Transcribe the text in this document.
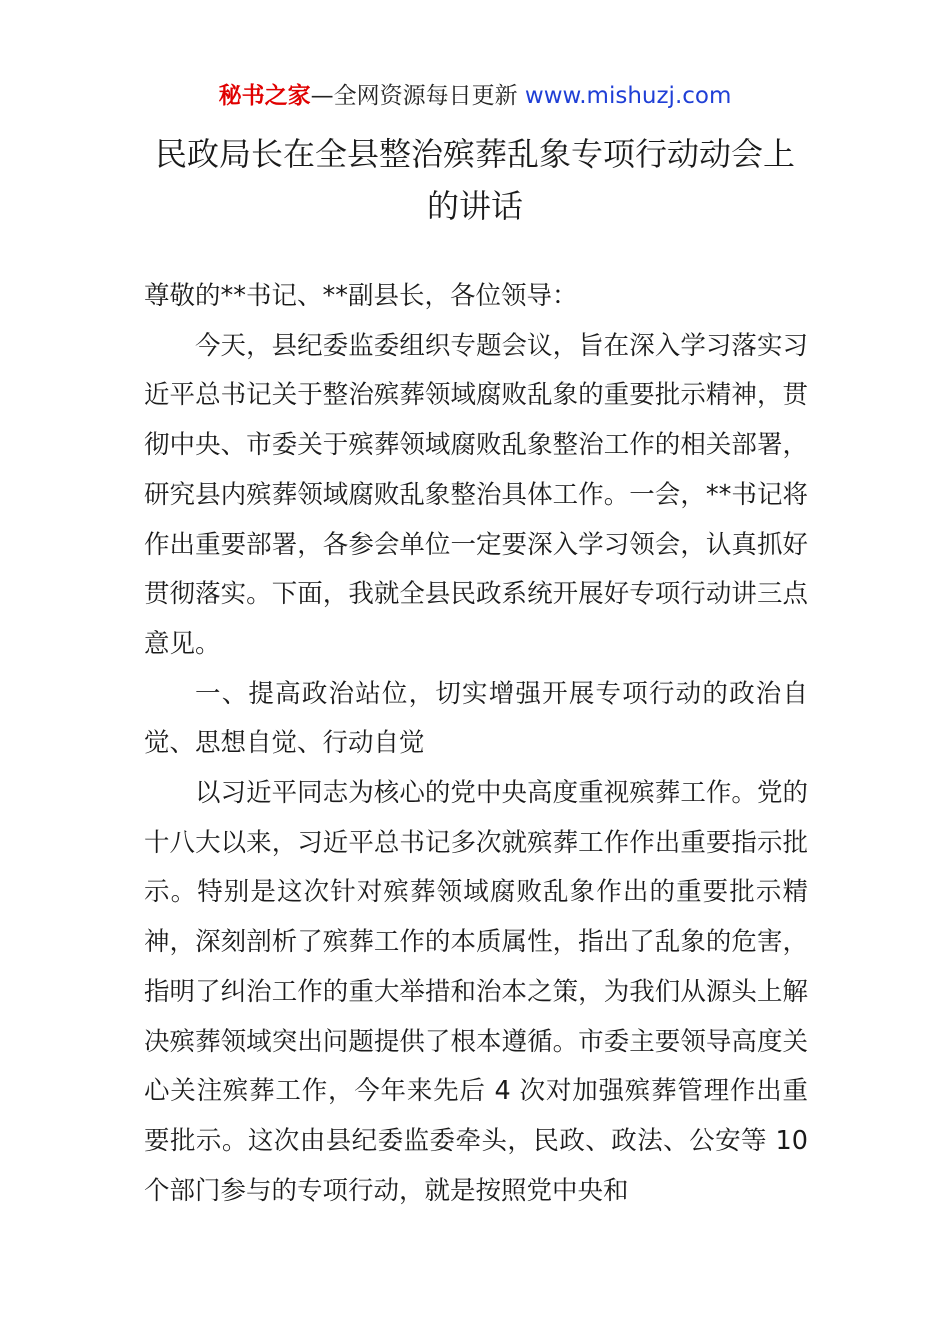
秘书之家—全网资源每日更新 www.mishuzj.com
民政局长在全县整治殡葬乱象专项行动动会上
的讲话

尊敬的**书记、**副县长，各位领导：

今天，县纪委监委组织专题会议，旨在深入学习落实习近平总书记关于整治殡葬领域腐败乱象的重要批示精神，贯彻中央、市委关于殡葬领域腐败乱象整治工作的相关部署，研究县内殡葬领域腐败乱象整治具体工作。一会，**书记将作出重要部署，各参会单位一定要深入学习领会，认真抓好贯彻落实。下面，我就全县民政系统开展好专项行动讲三点意见。

一、提高政治站位，切实增强开展专项行动的政治自觉、思想自觉、行动自觉

以习近平同志为核心的党中央高度重视殡葬工作。党的十八大以来，习近平总书记多次就殡葬工作作出重要指示批示。特别是这次针对殡葬领域腐败乱象作出的重要批示精神，深刻剖析了殡葬工作的本质属性，指出了乱象的危害，指明了纠治工作的重大举措和治本之策，为我们从源头上解决殡葬领域突出问题提供了根本遵循。市委主要领导高度关心关注殡葬工作，今年来先后 4 次对加强殡葬管理作出重要批示。这次由县纪委监委牵头，民政、政法、公安等 10 个部门参与的专项行动，就是按照党中央和
